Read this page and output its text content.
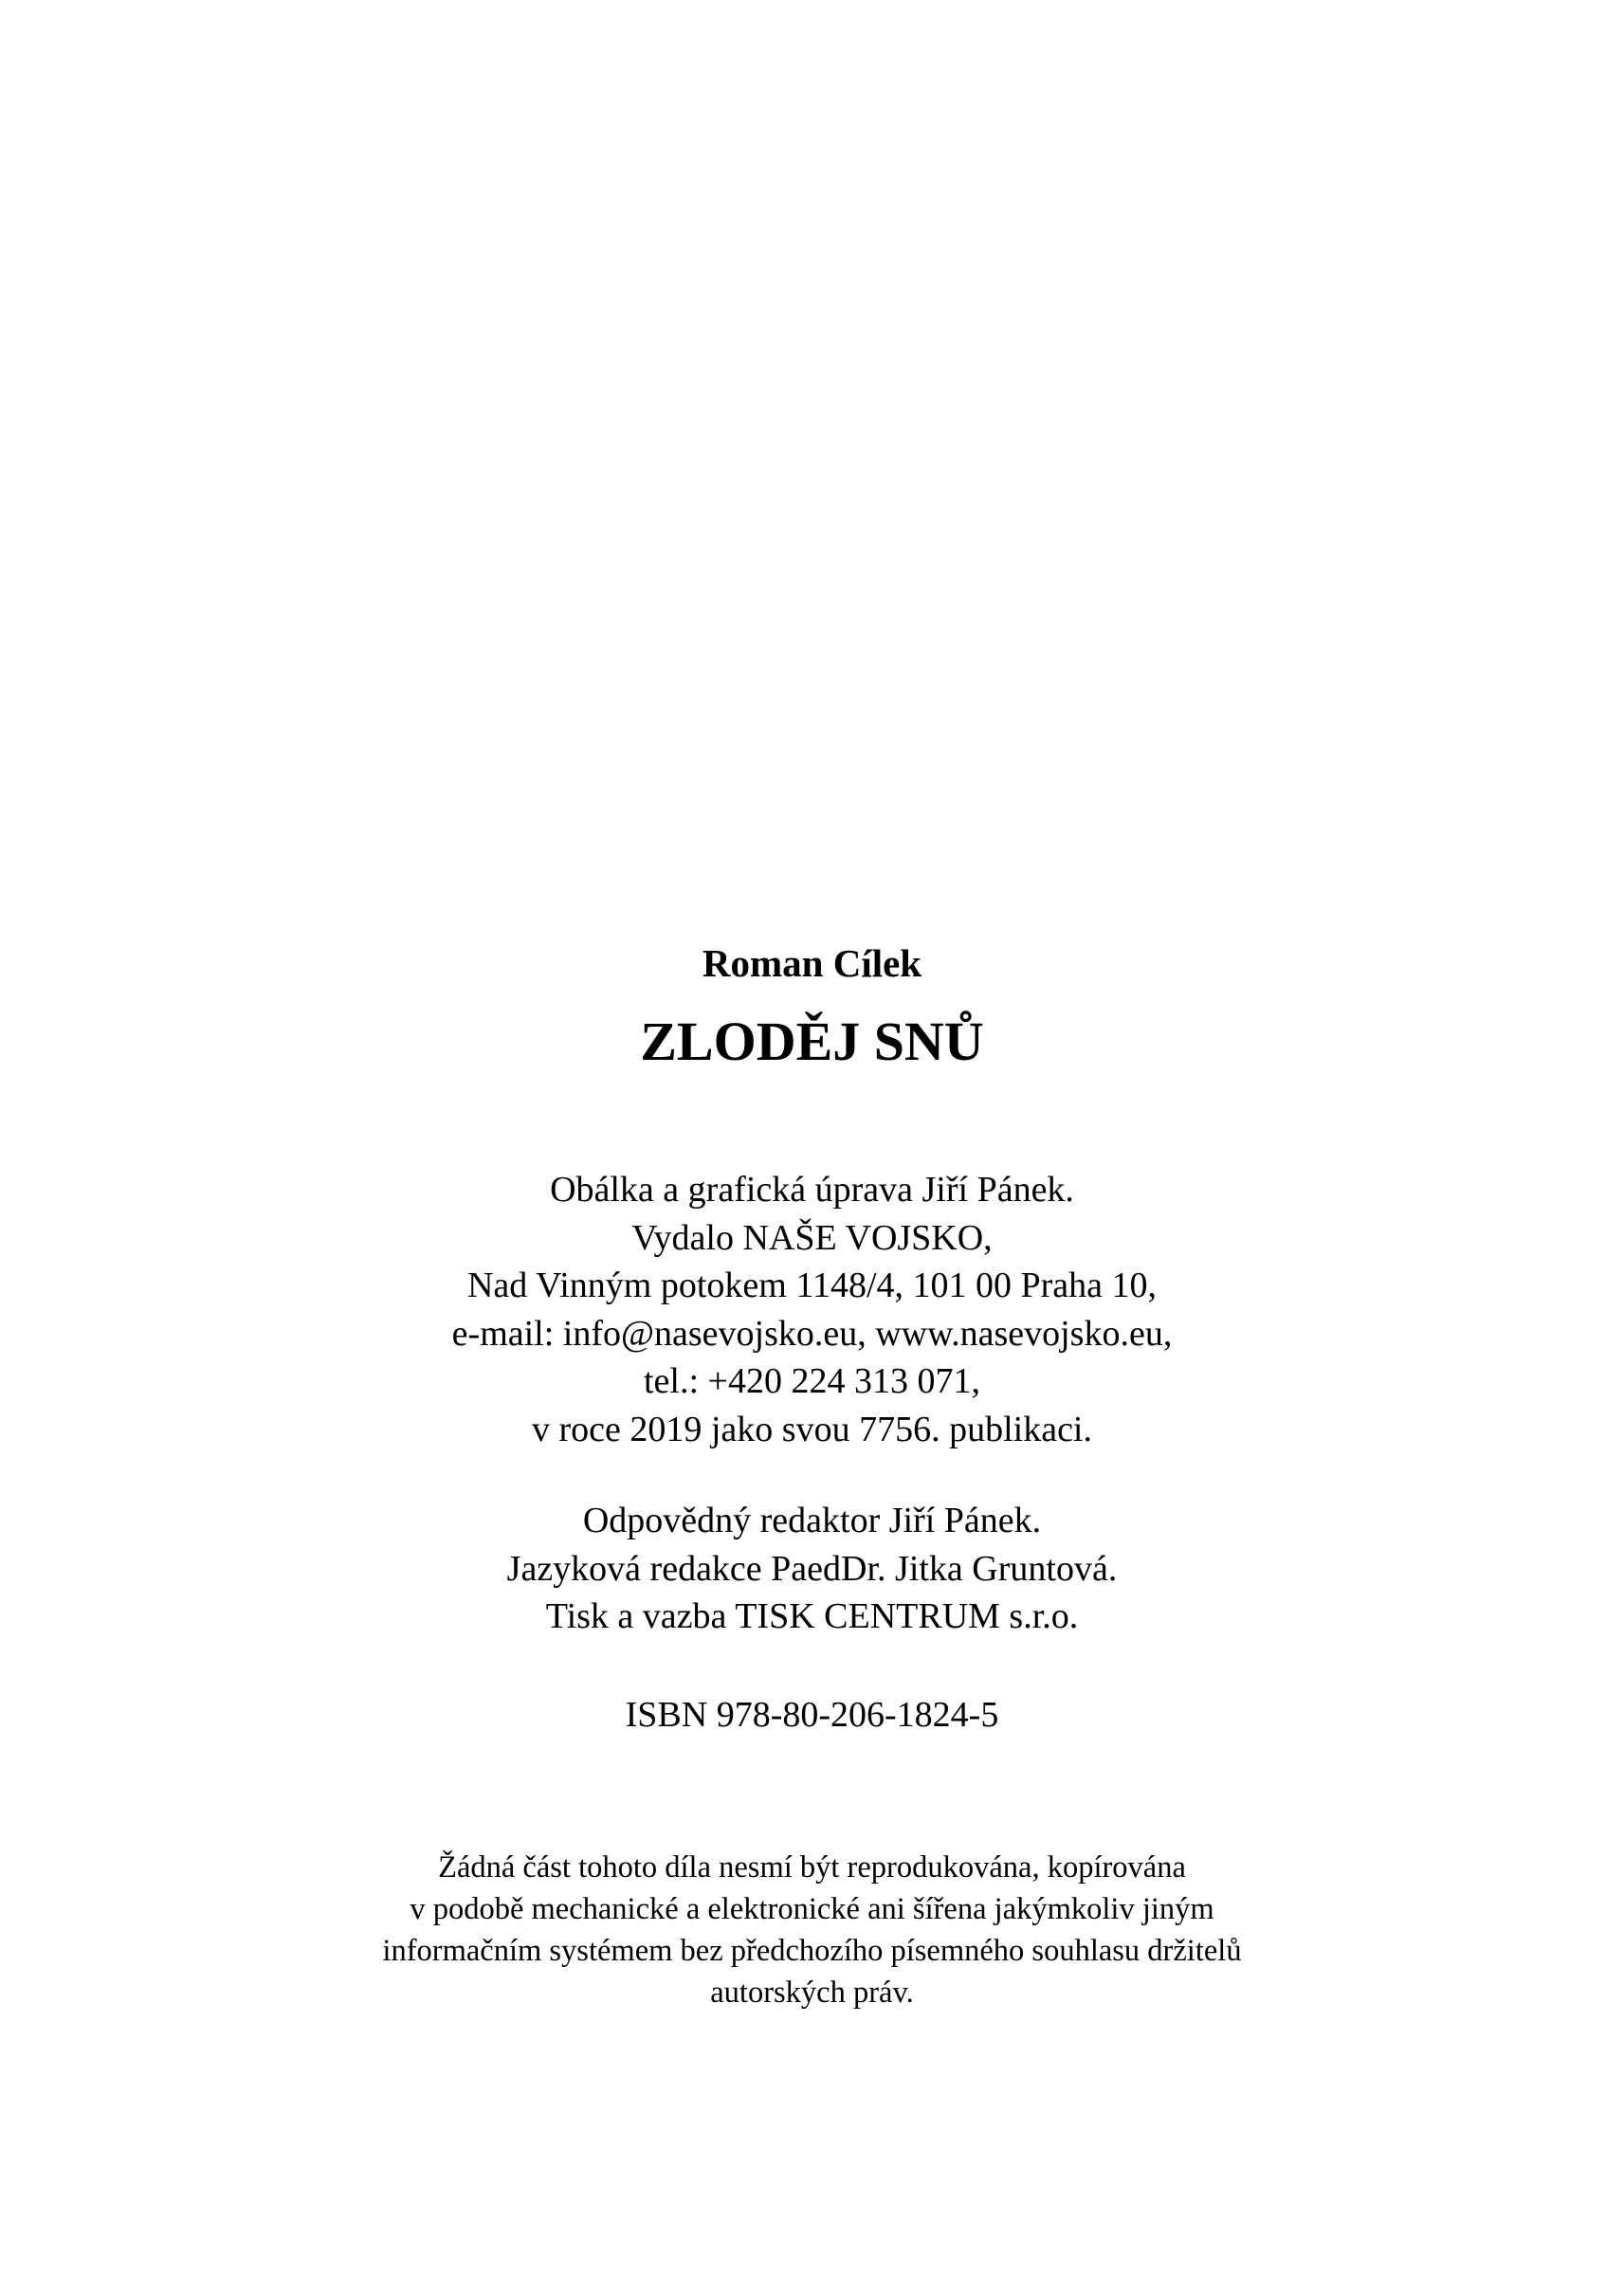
Roman Cílek
ZLODĚJ SNŮ
Obálka a grafická úprava Jiří Pánek.
Vydalo NAŠE VOJSKO,
Nad Vinným potokem 1148/4, 101 00 Praha 10,
e-mail: info@nasevojsko.eu, www.nasevojsko.eu,
tel.: +420 224 313 071,
v roce 2019 jako svou 7756. publikaci.
Odpovědný redaktor Jiří Pánek.
Jazyková redakce PaedDr. Jitka Gruntová.
Tisk a vazba TISK CENTRUM s.r.o.
ISBN 978-80-206-1824-5
Žádná část tohoto díla nesmí být reprodukována, kopírována
v podobě mechanické a elektronické ani šířena jakýmkoliv jiným
informačním systémem bez předchozího písemného souhlasu držitelů
autorských práv.
